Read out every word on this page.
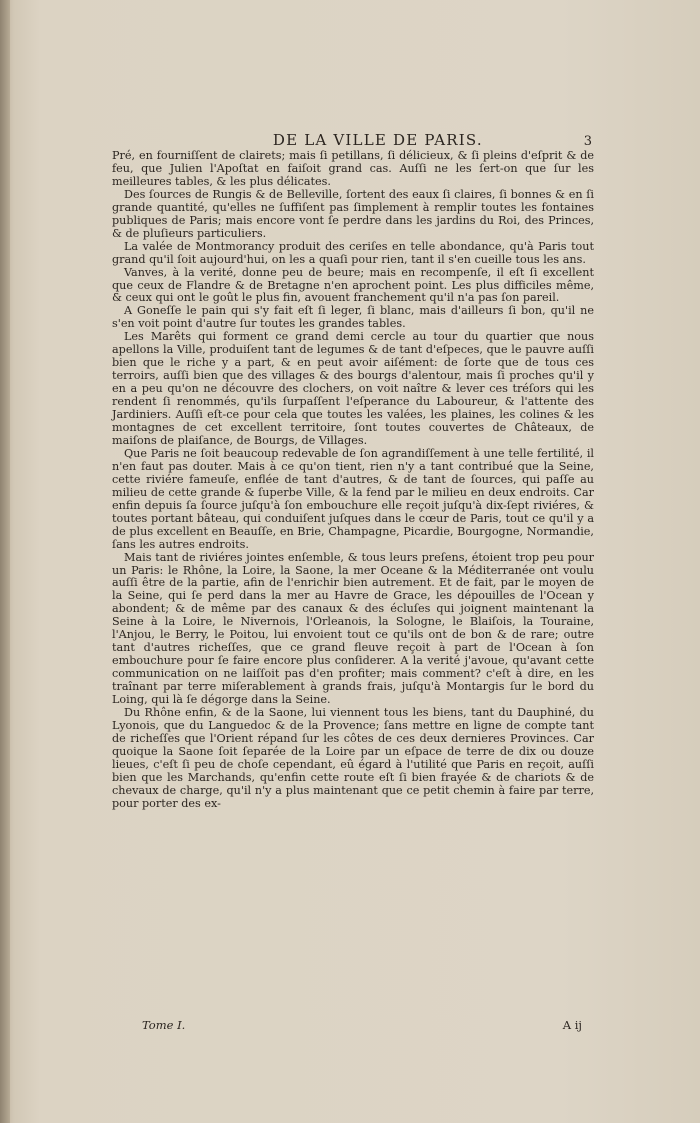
DE LA VILLE DE PARIS.	3

Pré, en fourniſſent de clairets; mais ſi petillans, ſi délicieux, & ſi pleins d'eſprit & de feu, que Julien l'Apoſtat en faiſoit grand cas. Auſſi ne les ſert-on que ſur les meilleures tables, & les plus délicates.

Des ſources de Rungis & de Belleville, ſortent des eaux ſi claires, ſi bonnes & en ſi grande quantité, qu'elles ne ſuffiſent pas ſimplement à remplir toutes les fontaines publiques de Paris; mais encore vont ſe perdre dans les jardins du Roi, des Princes, & de pluſieurs particuliers.

La valée de Montmorancy produit des ceriſes en telle abondance, qu'à Paris tout grand qu'il ſoit aujourd'hui, on les a quaſi pour rien, tant il s'en cueille tous les ans.

Vanves, à la verité, donne peu de beure; mais en recompenſe, il eſt ſi excellent que ceux de Flandre & de Bretagne n'en aprochent point. Les plus difficiles même, & ceux qui ont le goût le plus fin, avouent franchement qu'il n'a pas ſon pareil.

A Goneſſe le pain qui s'y fait eſt ſi leger, ſi blanc, mais d'ailleurs ſi bon, qu'il ne s'en voit point d'autre ſur toutes les grandes tables.

Les Marêts qui forment ce grand demi cercle au tour du quartier que nous apellons la Ville, produiſent tant de legumes & de tant d'eſpeces, que le pauvre auſſi bien que le riche y a part, & en peut avoir aiſément: de ſorte que de tous ces terroirs, auſſi bien que des villages & des bourgs d'alentour, mais ſi proches qu'il y en a peu qu'on ne découvre des clochers, on voit naître & lever ces tréſors qui les rendent ſi renommés, qu'ils ſurpaſſent l'eſperance du Laboureur, & l'attente des Jardiniers. Auſſi eſt-ce pour cela que toutes les valées, les plaines, les colines & les montagnes de cet excellent territoire, ſont toutes couvertes de Châteaux, de maiſons de plaiſance, de Bourgs, de Villages.

Que Paris ne ſoit beaucoup redevable de ſon agrandiſſement à une telle fertilité, il n'en faut pas douter. Mais à ce qu'on tient, rien n'y a tant contribué que la Seine, cette riviére fameuſe, enflée de tant d'autres, & de tant de ſources, qui paſſe au milieu de cette grande & ſuperbe Ville, & la fend par le milieu en deux endroits. Car enfin depuis ſa ſource juſqu'à ſon embouchure elle reçoit juſqu'à dix-ſept riviéres, & toutes portant bâteau, qui conduiſent juſques dans le cœur de Paris, tout ce qu'il y a de plus excellent en Beauſſe, en Brie, Champagne, Picardie, Bourgogne, Normandie, ſans les autres endroits.

Mais tant de riviéres jointes enſemble, & tous leurs preſens, étoient trop peu pour un Paris: le Rhône, la Loire, la Saone, la mer Oceane & la Méditerranée ont voulu auſſi être de la partie, afin de l'enrichir bien autrement. Et de fait, par le moyen de la Seine, qui ſe perd dans la mer au Havre de Grace, les dépouilles de l'Ocean y abondent; & de même par des canaux & des écluſes qui joignent maintenant la Seine à la Loire, le Nivernois, l'Orleanois, la Sologne, le Blaiſois, la Touraine, l'Anjou, le Berry, le Poitou, lui envoient tout ce qu'ils ont de bon & de rare; outre tant d'autres richeſſes, que ce grand fleuve reçoit à part de l'Ocean à ſon embouchure pour ſe faire encore plus conſiderer. A la verité j'avoue, qu'avant cette communication on ne laiſſoit pas d'en profiter; mais comment? c'eſt à dire, en les traînant par terre miſerablement à grands frais, juſqu'à Montargis ſur le bord du Loing, qui là ſe dégorge dans la Seine.

Du Rhône enfin, & de la Saone, lui viennent tous les biens, tant du Dauphiné, du Lyonois, que du Languedoc & de la Provence; ſans mettre en ligne de compte tant de richeſſes que l'Orient répand ſur les côtes de ces deux dernieres Provinces. Car quoique la Saone ſoit ſeparée de la Loire par un eſpace de terre de dix ou douze lieues, c'eſt ſi peu de choſe cependant, eû égard à l'utilité que Paris en reçoit, auſſi bien que les Marchands, qu'enfin cette route eſt ſi bien frayée & de chariots & de chevaux de charge, qu'il n'y a plus maintenant que ce petit chemin à faire par terre, pour porter des ex-

Tome I.	A ij
